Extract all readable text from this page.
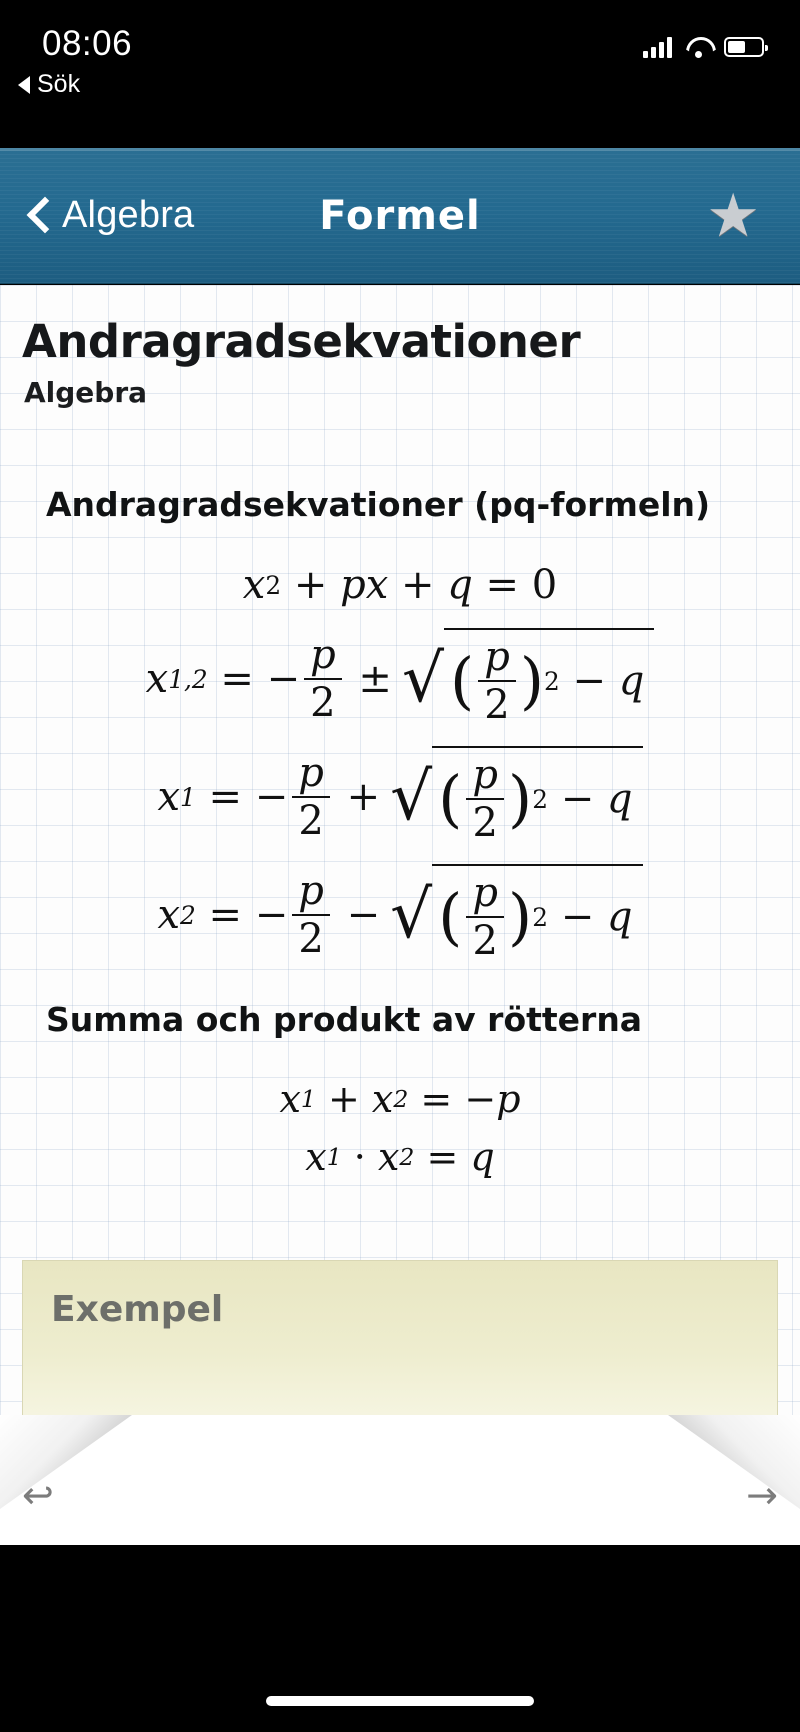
08:06
Sök
Algebra	Formel	★
Andragradsekvationer
Algebra
Andragradsekvationer (pq-formeln)
x 2
+
p x
+
q
=
0
x 1,2
=
− $\frac{p}{2}$
± √ ( $\frac{p}{2}$ ) 2
−
q
x 1
=
− $\frac{p}{2}$
+ √ ( $\frac{p}{2}$ ) 2
−
q
x 2
=
− $\frac{p}{2}$
− √ ( $\frac{p}{2}$ ) 2
−
q
Summa och produkt av rötterna
x 1
+
x 2
=
− p
x 1
·
x 2
=
q
Exempel
↩	→
